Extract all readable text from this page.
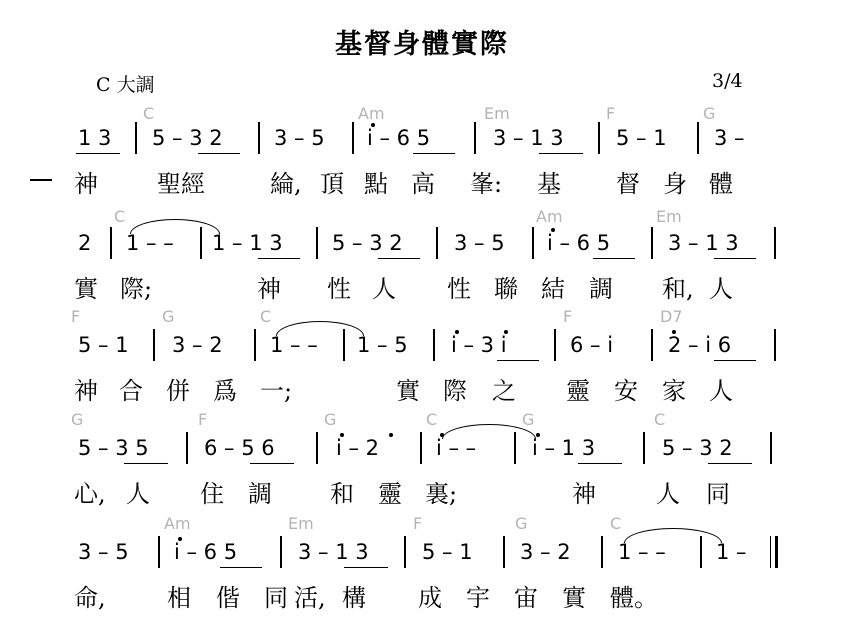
基督身體實際
C 大調	3/4
C	Am	Em	F	G
1 3 5 – 3 2 3 – 5 i – 6 5	3 – 1 3 5 – 1 3 –
神 聖經	綸, 頂 點 高 峯: 基 督 身 體
C	Am	Em
2 1 – – 1 – 1 3 5 – 3 2 3 – 5 i – 6 5	3 – 1 3
實 際;	神 性 人 性 聯 結 調 和, 人
F	G	C	F	D7
5 – 1 3 – 2 1 – – 1 – 5 i – 3 i	6 – i	2 – i 6
神 合 併 爲 一;	實 際 之 靈 安 家 人
G	F	G	C	G	C
5 – 3 5	6 – 5 6	i – 2	i – –	i – 1 3	5 – 3 2
心, 人 住 調 和 靈 裏;	神	人 同
Am	Em	F	G	C
3 – 5 i – 6 5	3 – 1 3	5 – 1 3 – 2 1 – – 1 –
命,	相 偕 同 活, 構 成 宇 宙 實 體。
